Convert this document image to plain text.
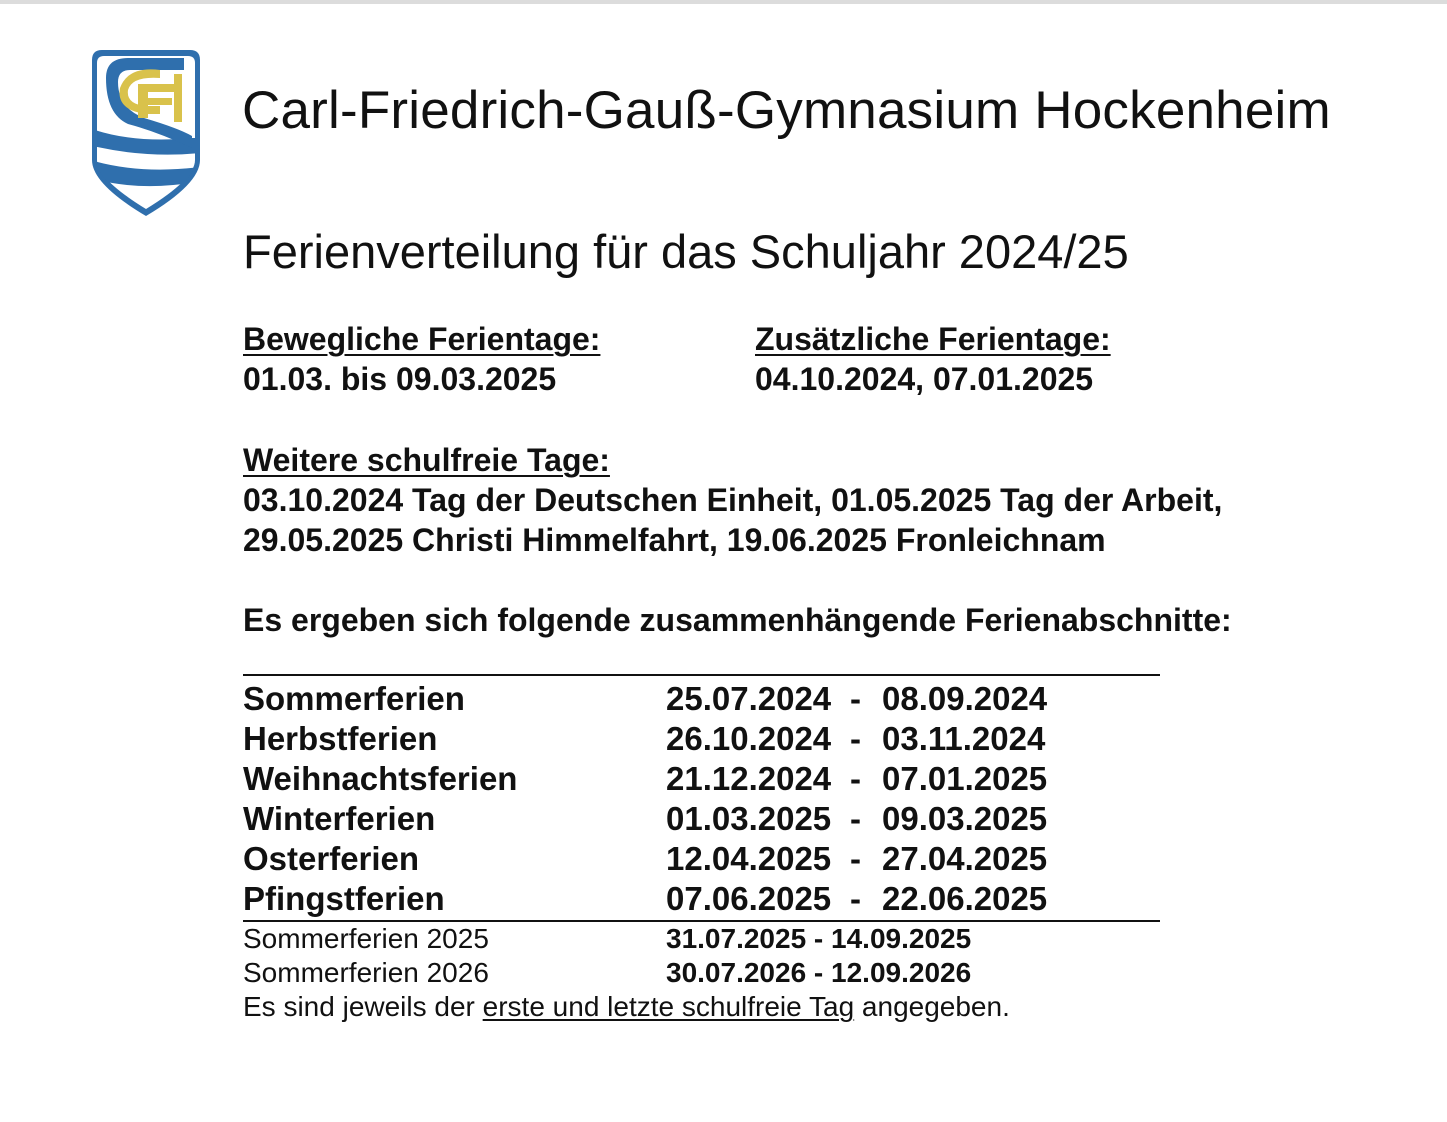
Carl-Friedrich-Gauß-Gymnasium Hockenheim
Ferienverteilung für das Schuljahr 2024/25
Bewegliche Ferientage:
01.03. bis 09.03.2025
Zusätzliche Ferientage:
04.10.2024, 07.01.2025
Weitere schulfreie Tage:
03.10.2024 Tag der Deutschen Einheit, 01.05.2025 Tag der Arbeit,
29.05.2025 Christi Himmelfahrt, 19.06.2025 Fronleichnam
Es ergeben sich folgende zusammenhängende Ferienabschnitte:
Sommerferien	25.07.2024 - 08.09.2024
Herbstferien	26.10.2024 - 03.11.2024
Weihnachtsferien	21.12.2024 - 07.01.2025
Winterferien	01.03.2025 - 09.03.2025
Osterferien	12.04.2025 - 27.04.2025
Pfingstferien	07.06.2025 - 22.06.2025
Sommerferien 2025	31.07.2025 - 14.09.2025
Sommerferien 2026	30.07.2026 - 12.09.2026
Es sind jeweils der erste und letzte schulfreie Tag angegeben.
